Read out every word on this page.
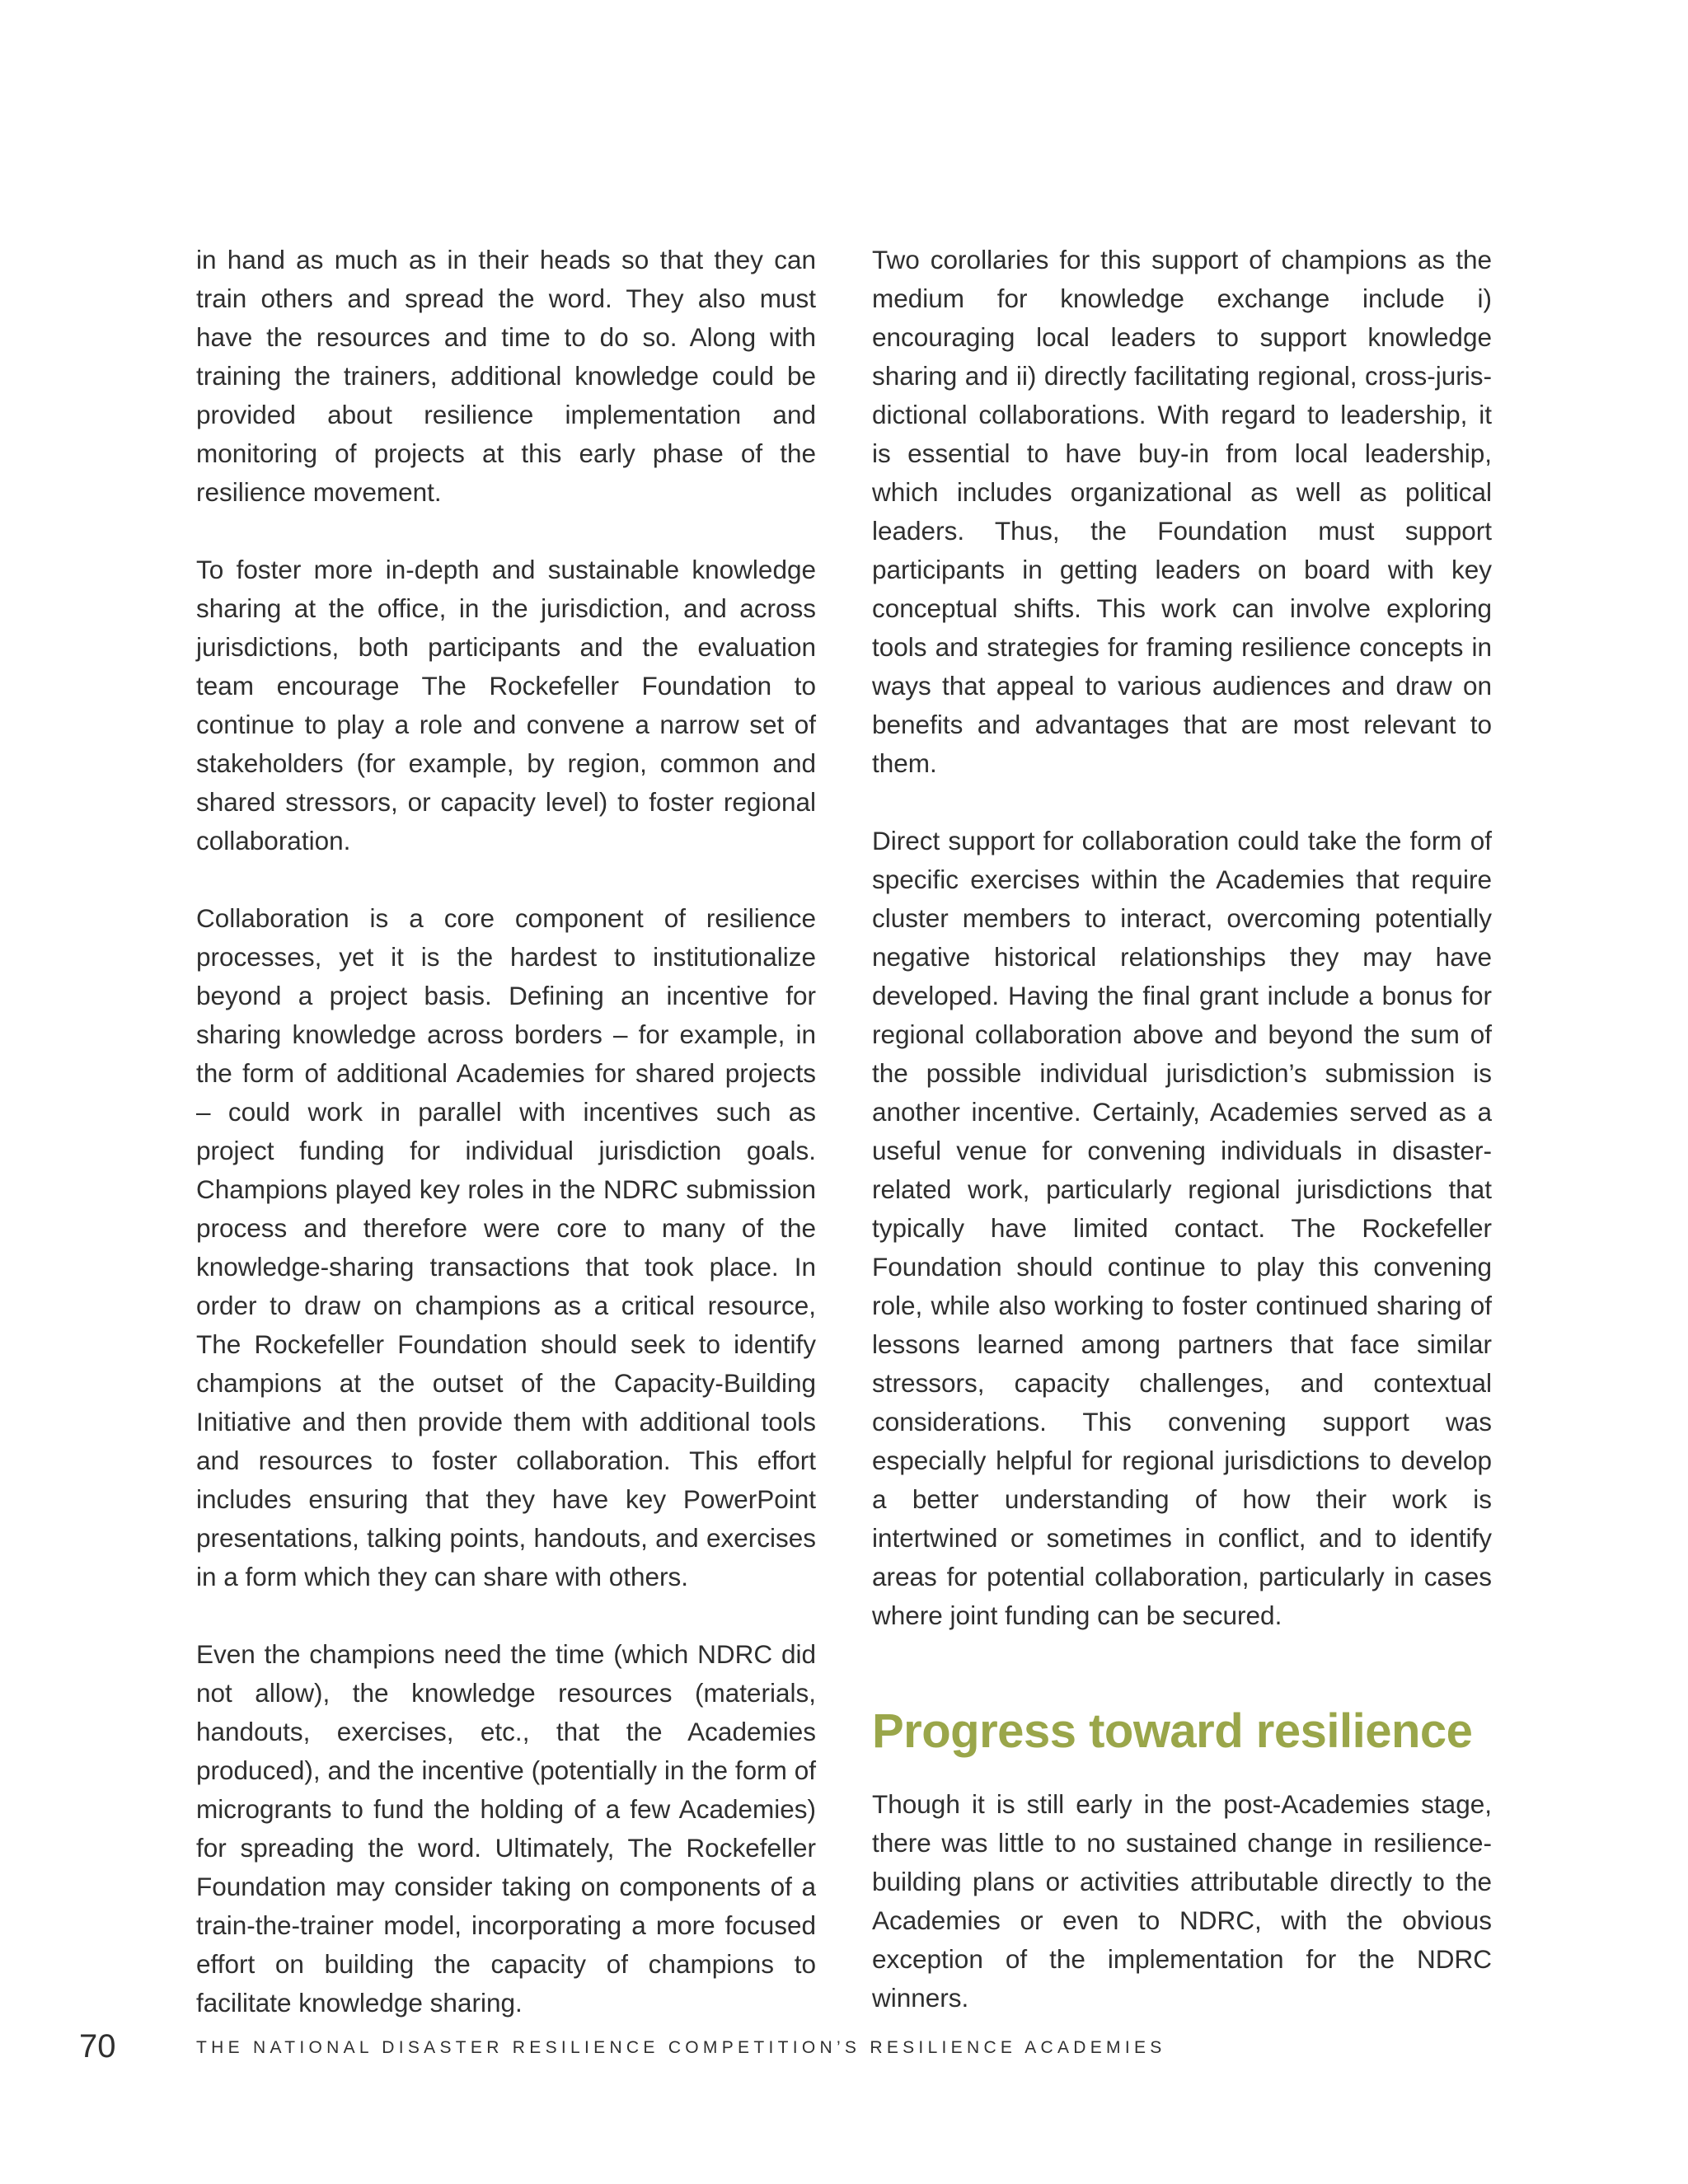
in hand as much as in their heads so that they can train others and spread the word. They also must have the resources and time to do so. Along with training the trainers, additional knowledge could be provided about resilience implementation and monitoring of projects at this early phase of the resilience movement.

To foster more in-depth and sustainable knowledge sharing at the office, in the jurisdiction, and across jurisdictions, both participants and the evaluation team encourage The Rockefeller Foundation to continue to play a role and convene a narrow set of stakeholders (for example, by region, common and shared stressors, or capacity level) to foster regional collaboration.

Collaboration is a core component of resilience processes, yet it is the hardest to institutionalize beyond a project basis. Defining an incentive for sharing knowledge across borders – for example, in the form of additional Academies for shared projects – could work in parallel with incentives such as project funding for individual jurisdiction goals. Champions played key roles in the NDRC submission process and therefore were core to many of the knowledge-sharing transactions that took place. In order to draw on champions as a critical resource, The Rockefeller Foundation should seek to identify champions at the outset of the Capacity-Building Initiative and then provide them with additional tools and resources to foster collaboration. This effort includes ensuring that they have key PowerPoint presentations, talking points, handouts, and exercises in a form which they can share with others.

Even the champions need the time (which NDRC did not allow), the knowledge resources (materials, handouts, exercises, etc., that the Academies produced), and the incentive (potentially in the form of microgrants to fund the holding of a few Academies) for spreading the word. Ultimately, The Rockefeller Foundation may consider taking on components of a train-the-trainer model, incorporating a more focused effort on building the capacity of champions to facilitate knowledge sharing.

Two corollaries for this support of champions as the medium for knowledge exchange include i) encouraging local leaders to support knowledge sharing and ii) directly facilitating regional, cross-jurisdictional collaborations. With regard to leadership, it is essential to have buy-in from local leadership, which includes organizational as well as political leaders. Thus, the Foundation must support participants in getting leaders on board with key conceptual shifts. This work can involve exploring tools and strategies for framing resilience concepts in ways that appeal to various audiences and draw on benefits and advantages that are most relevant to them.

Direct support for collaboration could take the form of specific exercises within the Academies that require cluster members to interact, overcoming potentially negative historical relationships they may have developed. Having the final grant include a bonus for regional collaboration above and beyond the sum of the possible individual jurisdiction’s submission is another incentive. Certainly, Academies served as a useful venue for convening individuals in disaster-related work, particularly regional jurisdictions that typically have limited contact. The Rockefeller Foundation should continue to play this convening role, while also working to foster continued sharing of lessons learned among partners that face similar stressors, capacity challenges, and contextual considerations. This convening support was especially helpful for regional jurisdictions to develop a better understanding of how their work is intertwined or sometimes in conflict, and to identify areas for potential collaboration, particularly in cases where joint funding can be secured.

Progress toward resilience

Though it is still early in the post-Academies stage, there was little to no sustained change in resilience-building plans or activities attributable directly to the Academies or even to NDRC, with the obvious exception of the implementation for the NDRC winners.

70	THE NATIONAL DISASTER RESILIENCE COMPETITION’S RESILIENCE ACADEMIES
